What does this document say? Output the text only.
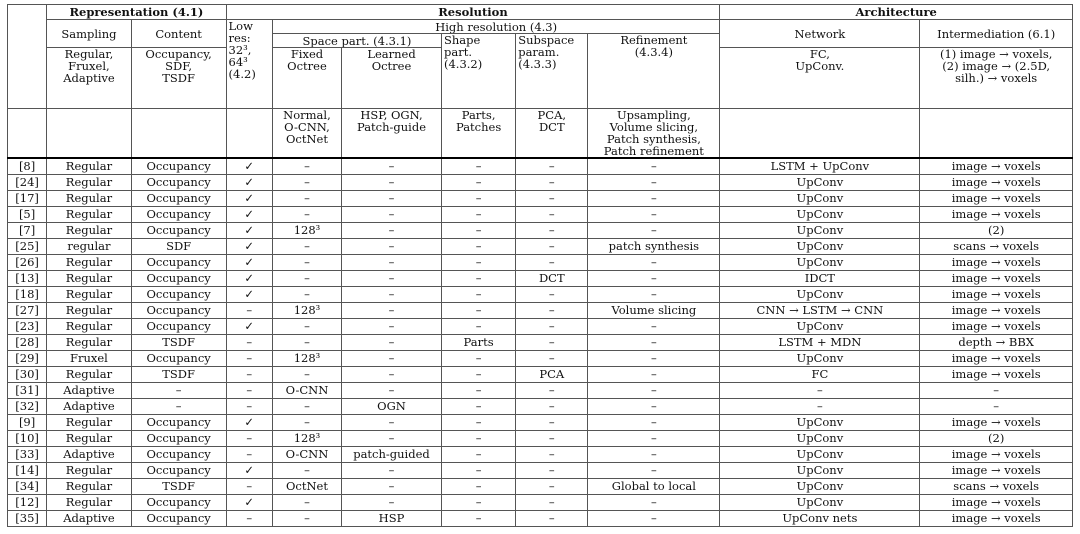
	Representation (4.1)		Resolution						Architecture	
	Sampling	Content	Low
res:
32³,
64³
(4.2)	High resolution (4.3)					Network	Intermediation (6.1)
				Space part. (4.3.1)		Shape
part.
(4.3.2)	Subspace
param.
(4.3.3)	Refinement
(4.3.4)		
	Regular,
Fruxel,
Adaptive	Occupancy,
SDF,
TSDF		Fixed
Octree	Learned
Octree				FC,
UpConv.	(1) image → voxels,
(2) image → (2.5D,
silh.) → voxels
				Normal,
O-CNN,
OctNet	HSP, OGN,
Patch-guide	Parts,
Patches	PCA,
DCT	Upsampling,
Volume slicing,
Patch synthesis,
Patch refinement		
[8]	Regular	Occupancy	✓	–	–	–	–	–	LSTM + UpConv	image → voxels
[24]	Regular	Occupancy	✓	–	–	–	–	–	UpConv	image → voxels
[17]	Regular	Occupancy	✓	–	–	–	–	–	UpConv	image → voxels
[5]	Regular	Occupancy	✓	–	–	–	–	–	UpConv	image → voxels
[7]	Regular	Occupancy	✓	128³	–	–	–	–	UpConv	(2)
[25]	regular	SDF	✓	–	–	–	–	patch synthesis	UpConv	scans → voxels
[26]	Regular	Occupancy	✓	–	–	–	–	–	UpConv	image → voxels
[13]	Regular	Occupancy	✓	–	–	–	DCT	–	IDCT	image → voxels
[18]	Regular	Occupancy	✓	–	–	–	–	–	UpConv	image → voxels
[27]	Regular	Occupancy	–	128³	–	–	–	Volume slicing	CNN → LSTM → CNN	image → voxels
[23]	Regular	Occupancy	✓	–	–	–	–	–	UpConv	image → voxels
[28]	Regular	TSDF	–	–	–	Parts	–	–	LSTM + MDN	depth → BBX
[29]	Fruxel	Occupancy	–	128³	–	–	–	–	UpConv	image → voxels
[30]	Regular	TSDF	–	–	–	–	PCA	–	FC	image → voxels
[31]	Adaptive	–	–	O-CNN	–	–	–	–	–	–
[32]	Adaptive	–	–	–	OGN	–	–	–	–	–
[9]	Regular	Occupancy	✓	–	–	–	–	–	UpConv	image → voxels
[10]	Regular	Occupancy	–	128³	–	–	–	–	UpConv	(2)
[33]	Adaptive	Occupancy	–	O-CNN	patch-guided	–	–	–	UpConv	image → voxels
[14]	Regular	Occupancy	✓	–	–	–	–	–	UpConv	image → voxels
[34]	Regular	TSDF	–	OctNet	–	–	–	Global to local	UpConv	scans → voxels
[12]	Regular	Occupancy	✓	–	–	–	–	–	UpConv	image → voxels
[35]	Adaptive	Occupancy	–	–	HSP	–	–	–	UpConv nets	image → voxels
